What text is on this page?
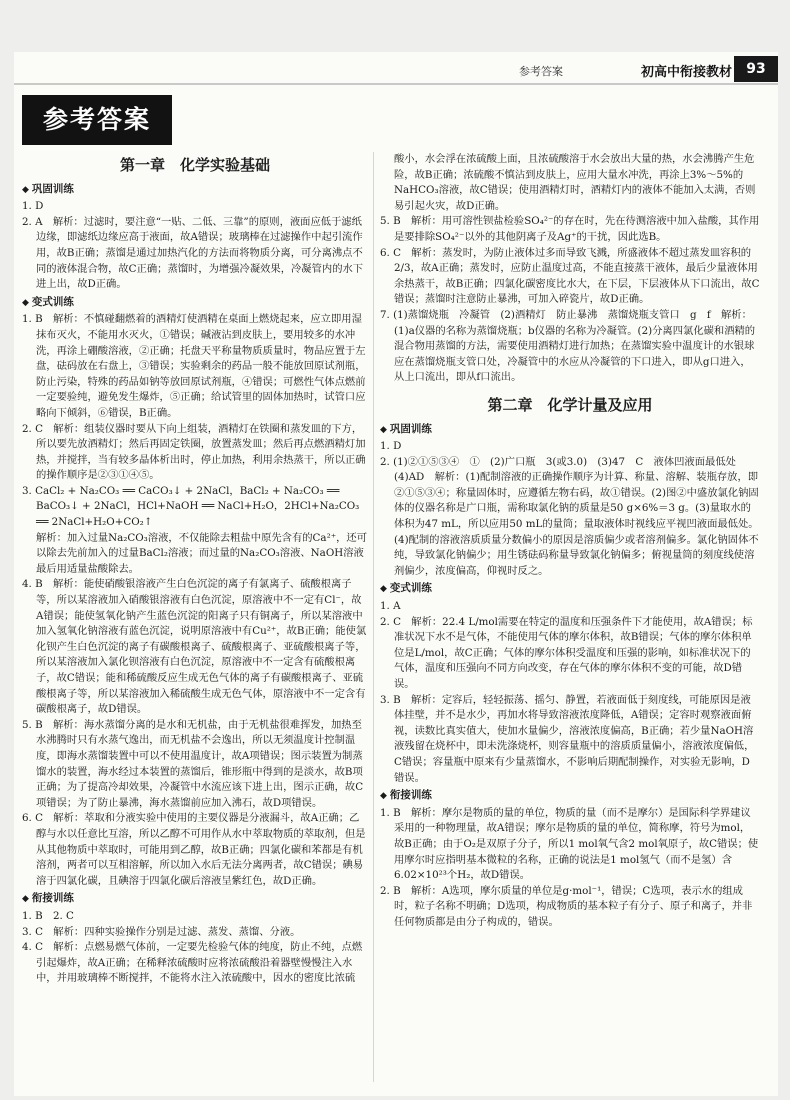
参考答案	初高中衔接教材	93
参考答案
第一章　化学实验基础
◆ 巩固训练

1. D

2. A　解析：过滤时，要注意“一贴、二低、三靠”的原则，液面应低于滤纸边缘，即滤纸边缘应高于液面，故A错误；玻璃棒在过滤操作中起引流作用，故B正确；蒸馏是通过加热汽化的方法而将物质分离，可分离沸点不同的液体混合物，故C正确；蒸馏时，为增强冷凝效果，冷凝管内的水下进上出，故D正确。

◆ 变式训练

1. B　解析：不慎碰翻燃着的酒精灯使酒精在桌面上燃烧起来，应立即用湿抹布灭火，不能用水灭火，①错误；碱液沾到皮肤上，要用较多的水冲洗，再涂上硼酸溶液，②正确；托盘天平称量物质质量时，物品应置于左盘，砝码放在右盘上，③错误；实验剩余的药品一般不能放回原试剂瓶，防止污染，特殊的药品如钠等放回原试剂瓶，④错误；可燃性气体点燃前一定要验纯，避免发生爆炸，⑤正确；给试管里的固体加热时，试管口应略向下倾斜，⑥错误，B正确。

2. C　解析：组装仪器时要从下向上组装，酒精灯在铁圈和蒸发皿的下方，所以要先放酒精灯；然后再固定铁圈，放置蒸发皿；然后再点燃酒精灯加热，并搅拌，当有较多晶体析出时，停止加热，利用余热蒸干，所以正确的操作顺序是②③①④⑤。

3. CaCl₂ + Na₂CO₃ ══ CaCO₃↓ + 2NaCl，BaCl₂ + Na₂CO₃ ══ BaCO₃↓ + 2NaCl，HCl+NaOH ══ NaCl+H₂O，2HCl+Na₂CO₃ ══ 2NaCl+H₂O+CO₂↑

解析：加入过量Na₂CO₃溶液，不仅能除去粗盐中原先含有的Ca²⁺，还可以除去先前加入的过量BaCl₂溶液；而过量的Na₂CO₃溶液、NaOH溶液最后用适量盐酸除去。

4. B　解析：能使硝酸银溶液产生白色沉淀的离子有氯离子、硫酸根离子等，所以某溶液加入硝酸银溶液有白色沉淀，原溶液中不一定有Cl⁻，故A错误；能使氢氧化钠产生蓝色沉淀的阳离子只有铜离子，所以某溶液中加入氢氧化钠溶液有蓝色沉淀，说明原溶液中有Cu²⁺，故B正确；能使氯化钡产生白色沉淀的离子有碳酸根离子、硫酸根离子、亚硫酸根离子等，所以某溶液加入氯化钡溶液有白色沉淀，原溶液中不一定含有硫酸根离子，故C错误；能和稀硫酸反应生成无色气体的离子有碳酸根离子、亚硫酸根离子等，所以某溶液加入稀硫酸生成无色气体，原溶液中不一定含有碳酸根离子，故D错误。

5. B　解析：海水蒸馏分离的是水和无机盐，由于无机盐很难挥发，加热至水沸腾时只有水蒸气逸出，而无机盐不会逸出，所以无须温度计控制温度，即海水蒸馏装置中可以不使用温度计，故A项错误；图示装置为制蒸馏水的装置，海水经过本装置的蒸馏后，锥形瓶中得到的是淡水，故B项正确；为了提高冷却效果，冷凝管中水流应该下进上出，图示正确，故C项错误；为了防止暴沸，海水蒸馏前应加入沸石，故D项错误。

6. C　解析：萃取和分液实验中使用的主要仪器是分液漏斗，故A正确；乙醇与水以任意比互溶，所以乙醇不可用作从水中萃取物质的萃取剂，但是从其他物质中萃取时，可能用到乙醇，故B正确；四氯化碳和苯都是有机溶剂，两者可以互相溶解，所以加入水后无法分离两者，故C错误；碘易溶于四氯化碳，且碘溶于四氯化碳后溶液呈紫红色，故D正确。

◆ 衔接训练

1. B　2. C

3. C　解析：四种实验操作分别是过滤、蒸发、蒸馏、分液。

4. C　解析：点燃易燃气体前，一定要先检验气体的纯度，防止不纯，点燃引起爆炸，故A正确；在稀释浓硫酸时应将浓硫酸沿着器壁慢慢注入水中，并用玻璃棒不断搅拌，不能将水注入浓硫酸中，因水的密度比浓硫

酸小，水会浮在浓硫酸上面，且浓硫酸溶于水会放出大量的热，水会沸腾产生危险，故B正确；浓硫酸不慎沾到皮肤上，应用大量水冲洗，再涂上3%～5%的NaHCO₃溶液，故C错误；使用酒精灯时，酒精灯内的液体不能加入太满，否则易引起火灾，故D正确。

5. B　解析：用可溶性钡盐检验SO₄²⁻的存在时，先在待测溶液中加入盐酸，其作用是要排除SO₄²⁻以外的其他阴离子及Ag⁺的干扰，因此选B。

6. C　解析：蒸发时，为防止液体过多而导致飞溅，所盛液体不超过蒸发皿容积的2/3，故A正确；蒸发时，应防止温度过高，不能直接蒸干液体，最后少量液体用余热蒸干，故B正确；四氯化碳密度比水大，在下层，下层液体从下口流出，故C错误；蒸馏时注意防止暴沸，可加入碎瓷片，故D正确。

7. (1)蒸馏烧瓶　冷凝管　(2)酒精灯　防止暴沸　蒸馏烧瓶支管口　g　f　解析：(1)a仪器的名称为蒸馏烧瓶；b仪器的名称为冷凝管。(2)分离四氯化碳和酒精的混合物用蒸馏的方法，需要使用酒精灯进行加热；在蒸馏实验中温度计的水银球应在蒸馏烧瓶支管口处，冷凝管中的水应从冷凝管的下口进入，即从g口进入，从上口流出，即从f口流出。

第二章　化学计量及应用
◆ 巩固训练

1. D

2. (1)②①⑤③④　①　(2)广口瓶　3(或3.0)　(3)47　C　液体凹液面最低处　(4)AD　解析：(1)配制溶液的正确操作顺序为计算、称量、溶解、装瓶存放，即②①⑤③④；称量固体时，应遵循左物右码，故①错误。(2)图②中盛放氯化钠固体的仪器名称是广口瓶，需称取氯化钠的质量是50 g×6%＝3 g。(3)量取水的体积为47 mL，所以应用50 mL的量筒；量取液体时视线应平视凹液面最低处。(4)配制的溶液溶质质量分数偏小的原因是溶质偏少或者溶剂偏多。氯化钠固体不纯，导致氯化钠偏少；用生锈砝码称量导致氯化钠偏多；俯视量筒的刻度线使溶剂偏少，浓度偏高，仰视时反之。

◆ 变式训练

1. A

2. C　解析：22.4 L/mol需要在特定的温度和压强条件下才能使用，故A错误；标准状况下水不是气体，不能使用气体的摩尔体积，故B错误；气体的摩尔体积单位是L/mol，故C正确；气体的摩尔体积受温度和压强的影响，如标准状况下的气体，温度和压强向不同方向改变，存在气体的摩尔体积不变的可能，故D错误。

3. B　解析：定容后，轻轻振荡、摇匀、静置，若液面低于刻度线，可能原因是液体挂壁，并不是水少，再加水将导致溶液浓度降低，A错误；定容时观察液面俯视，读数比真实值大，使加水量偏少，溶液浓度偏高，B正确；若少量NaOH溶液残留在烧杯中，即未洗涤烧杯，则容量瓶中的溶质质量偏小，溶液浓度偏低，C错误；容量瓶中原来有少量蒸馏水，不影响后期配制操作，对实验无影响，D错误。

◆ 衔接训练

1. B　解析：摩尔是物质的量的单位，物质的量（而不是摩尔）是国际科学界建议采用的一种物理量，故A错误；摩尔是物质的量的单位，简称摩，符号为mol，故B正确；由于O₂是双原子分子，所以1 mol氧气含2 mol氧原子，故C错误；使用摩尔时应指明基本微粒的名称，正确的说法是1 mol氢气（而不是氢）含6.02×10²³个H₂，故D错误。

2. B　解析：A选项，摩尔质量的单位是g·mol⁻¹，错误；C选项，表示水的组成时，粒子名称不明确；D选项，构成物质的基本粒子有分子、原子和离子，并非任何物质都是由分子构成的，错误。
